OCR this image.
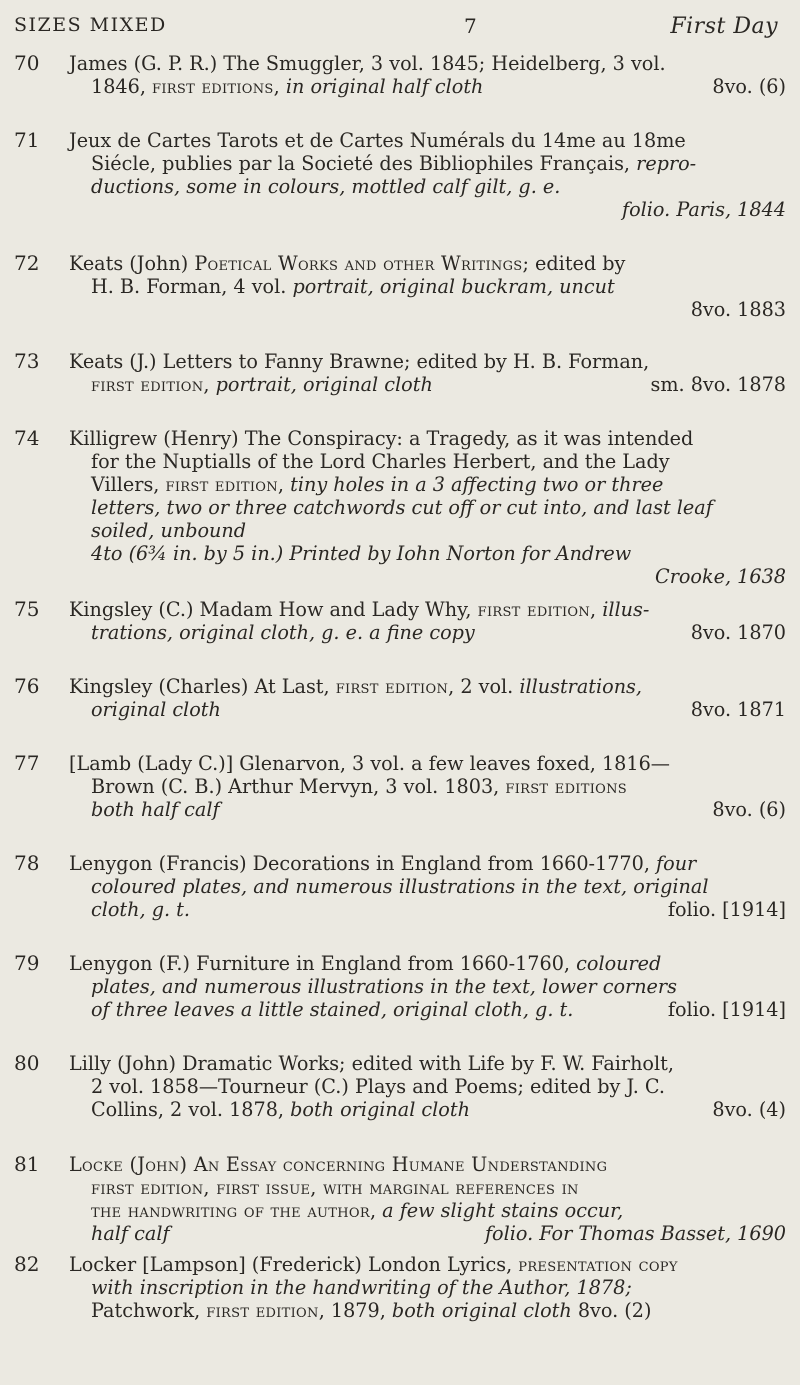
SIZES MIXED	7	First Day
70	James (G. P. R.) The Smuggler, 3 vol. 1845; Heidelberg, 3 vol.
1846, first editions, in original half cloth	8vo. (6)
71	Jeux de Cartes Tarots et de Cartes Numérals du 14me au 18me
Siécle, publies par la Societé des Bibliophiles Français, repro-
ductions, some in colours, mottled calf gilt, g. e.
folio. Paris, 1844
72	Keats (John) Poetical Works and other Writings; edited by
H. B. Forman, 4 vol. portrait, original buckram, uncut
8vo. 1883
73	Keats (J.) Letters to Fanny Brawne; edited by H. B. Forman,
first edition, portrait, original cloth	sm. 8vo. 1878
74	Killigrew (Henry) The Conspiracy: a Tragedy, as it was intended
for the Nuptialls of the Lord Charles Herbert, and the Lady
Villers, first edition, tiny holes in a 3 affecting two or three
letters, two or three catchwords cut off or cut into, and last leaf
soiled, unbound
4to (6¾ in. by 5 in.) Printed by Iohn Norton for Andrew
Crooke, 1638
75	Kingsley (C.) Madam How and Lady Why, first edition, illus-
trations, original cloth, g. e. a fine copy	8vo. 1870
76	Kingsley (Charles) At Last, first edition, 2 vol. illustrations,
original cloth	8vo. 1871
77	[Lamb (Lady C.)] Glenarvon, 3 vol. a few leaves foxed, 1816—
Brown (C. B.) Arthur Mervyn, 3 vol. 1803, first editions
both half calf	8vo. (6)
78	Lenygon (Francis) Decorations in England from 1660-1770, four
coloured plates, and numerous illustrations in the text, original
cloth, g. t.	folio. [1914]
79	Lenygon (F.) Furniture in England from 1660-1760, coloured
plates, and numerous illustrations in the text, lower corners
of three leaves a little stained, original cloth, g. t.	folio. [1914]
80	Lilly (John) Dramatic Works; edited with Life by F. W. Fairholt,
2 vol. 1858—Tourneur (C.) Plays and Poems; edited by J. C.
Collins, 2 vol. 1878, both original cloth	8vo. (4)
81	Locke (John) An Essay concerning Humane Understanding
first edition, first issue, with marginal references in
the handwriting of the author, a few slight stains occur,
half calf	folio. For Thomas Basset, 1690
82	Locker [Lampson] (Frederick) London Lyrics, presentation copy
with inscription in the handwriting of the Author, 1878;
Patchwork, first edition, 1879, both original cloth 8vo. (2)
